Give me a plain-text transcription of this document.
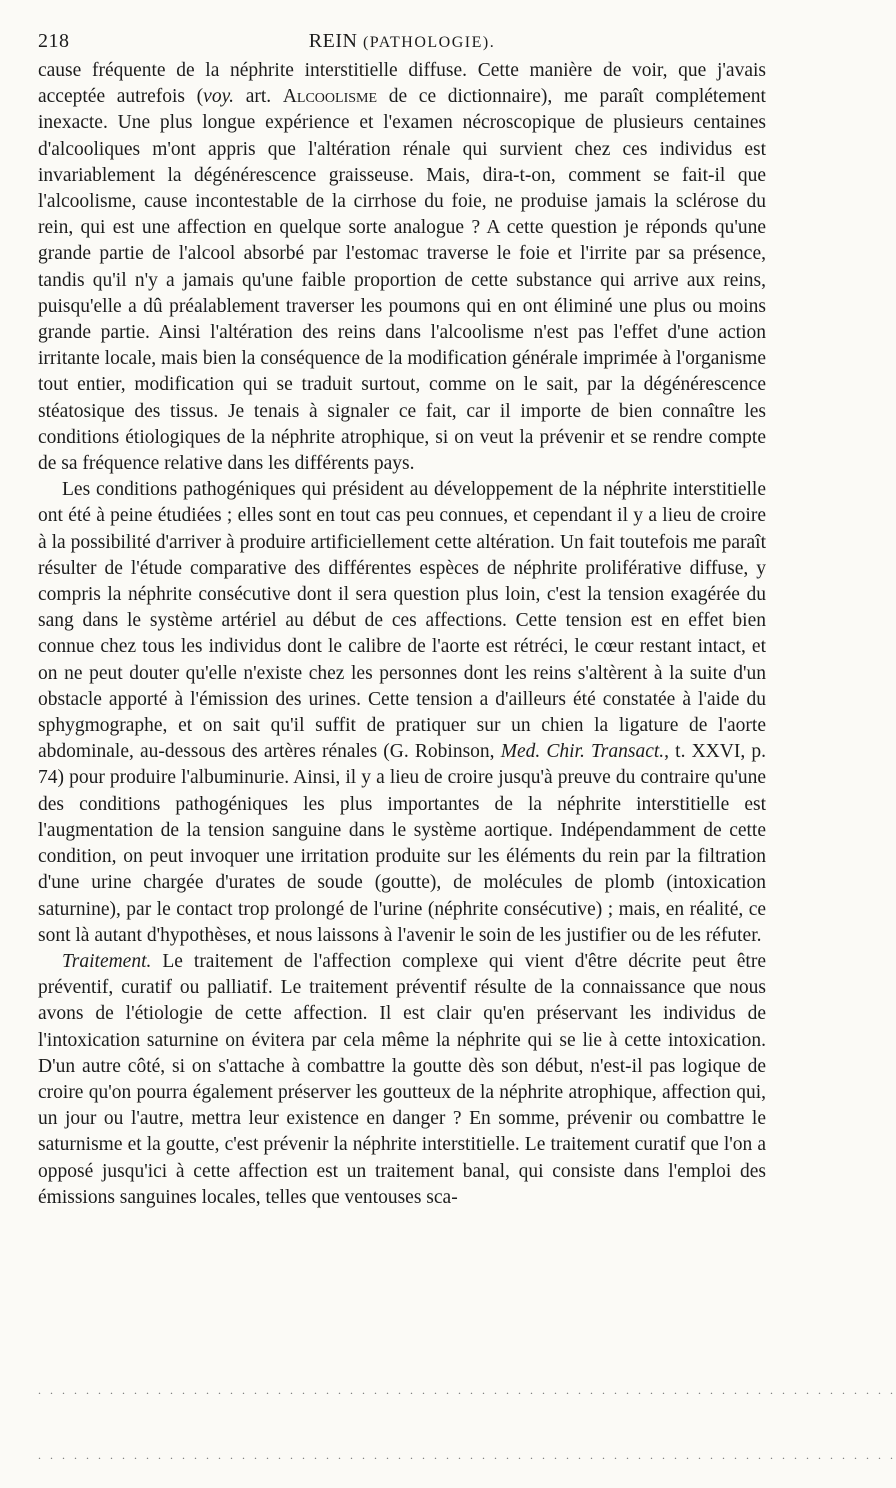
218	REIN (PATHOLOGIE).

cause fréquente de la néphrite interstitielle diffuse. Cette manière de voir, que j'avais acceptée autrefois (voy. art. Alcoolisme de ce dictionnaire), me paraît complétement inexacte. Une plus longue expérience et l'examen nécroscopique de plusieurs centaines d'alcooliques m'ont appris que l'altération rénale qui survient chez ces individus est invariablement la dégénérescence graisseuse. Mais, dira-t-on, comment se fait-il que l'alcoolisme, cause incontestable de la cirrhose du foie, ne produise jamais la sclérose du rein, qui est une affection en quelque sorte analogue ? A cette question je réponds qu'une grande partie de l'alcool absorbé par l'estomac traverse le foie et l'irrite par sa présence, tandis qu'il n'y a jamais qu'une faible proportion de cette substance qui arrive aux reins, puisqu'elle a dû préalablement traverser les poumons qui en ont éliminé une plus ou moins grande partie. Ainsi l'altération des reins dans l'alcoolisme n'est pas l'effet d'une action irritante locale, mais bien la conséquence de la modification générale imprimée à l'organisme tout entier, modification qui se traduit surtout, comme on le sait, par la dégénérescence stéatosique des tissus. Je tenais à signaler ce fait, car il importe de bien connaître les conditions étiologiques de la néphrite atrophique, si on veut la prévenir et se rendre compte de sa fréquence relative dans les différents pays.

Les conditions pathogéniques qui président au développement de la néphrite interstitielle ont été à peine étudiées ; elles sont en tout cas peu connues, et cependant il y a lieu de croire à la possibilité d'arriver à produire artificiellement cette altération. Un fait toutefois me paraît résulter de l'étude comparative des différentes espèces de néphrite proliférative diffuse, y compris la néphrite consécutive dont il sera question plus loin, c'est la tension exagérée du sang dans le système artériel au début de ces affections. Cette tension est en effet bien connue chez tous les individus dont le calibre de l'aorte est rétréci, le cœur restant intact, et on ne peut douter qu'elle n'existe chez les personnes dont les reins s'altèrent à la suite d'un obstacle apporté à l'émission des urines. Cette tension a d'ailleurs été constatée à l'aide du sphygmographe, et on sait qu'il suffit de pratiquer sur un chien la ligature de l'aorte abdominale, au-dessous des artères rénales (G. Robinson, Med. Chir. Transact., t. XXVI, p. 74) pour produire l'albuminurie. Ainsi, il y a lieu de croire jusqu'à preuve du contraire qu'une des conditions pathogéniques les plus importantes de la néphrite interstitielle est l'augmentation de la tension sanguine dans le système aortique. Indépendamment de cette condition, on peut invoquer une irritation produite sur les éléments du rein par la filtration d'une urine chargée d'urates de soude (goutte), de molécules de plomb (intoxication saturnine), par le contact trop prolongé de l'urine (néphrite consécutive) ; mais, en réalité, ce sont là autant d'hypothèses, et nous laissons à l'avenir le soin de les justifier ou de les réfuter.

Traitement. Le traitement de l'affection complexe qui vient d'être décrite peut être préventif, curatif ou palliatif. Le traitement préventif résulte de la connaissance que nous avons de l'étiologie de cette affection. Il est clair qu'en préservant les individus de l'intoxication saturnine on évitera par cela même la néphrite qui se lie à cette intoxication. D'un autre côté, si on s'attache à combattre la goutte dès son début, n'est-il pas logique de croire qu'on pourra également préserver les goutteux de la néphrite atrophique, affection qui, un jour ou l'autre, mettra leur existence en danger ? En somme, prévenir ou combattre le saturnisme et la goutte, c'est prévenir la néphrite interstitielle. Le traitement curatif que l'on a opposé jusqu'ici à cette affection est un traitement banal, qui consiste dans l'emploi des émissions sanguines locales, telles que ventouses sca-

. . . . . . . . . . . . . . . . . . . . . . . . . . . . . . . . . . . . . . . . . . . . . . . . . . . . . . . . . . . . . . . . . . . . . . . .
. . . . . . . . . . . . . . . . . . . . . . . . . . . . . . . . . . . . . . . . . . . . . . . . . . . . . . . . . . . . . . . . . . . . . . . .
